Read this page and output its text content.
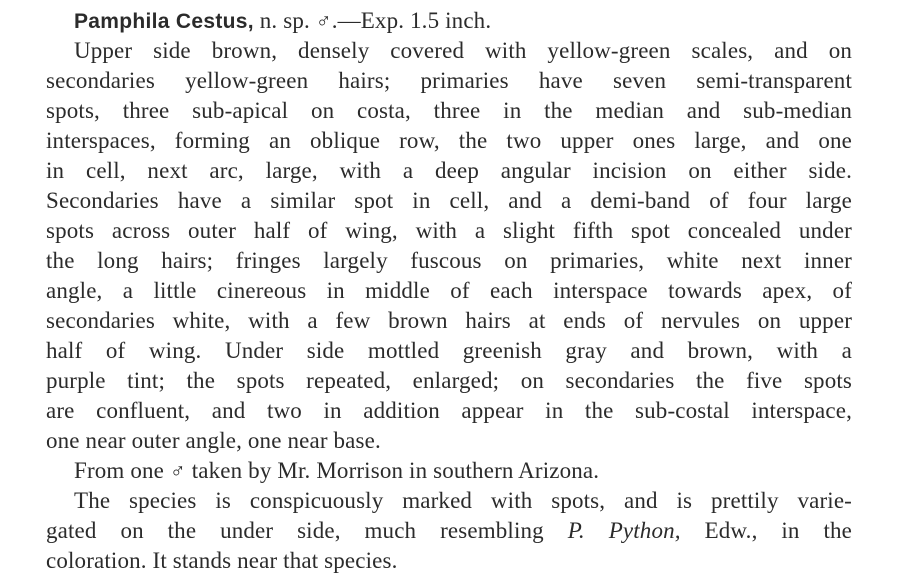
Pamphila Cestus, n. sp. ♂.—Exp. 1.5 inch.
Upper side brown, densely covered with yellow-green scales, and on
secondaries yellow-green hairs; primaries have seven semi-transparent
spots, three sub-apical on costa, three in the median and sub-median
interspaces, forming an oblique row, the two upper ones large, and one
in cell, next arc, large, with a deep angular incision on either side.
Secondaries have a similar spot in cell, and a demi-band of four large
spots across outer half of wing, with a slight fifth spot concealed under
the long hairs; fringes largely fuscous on primaries, white next inner
angle, a little cinereous in middle of each interspace towards apex, of
secondaries white, with a few brown hairs at ends of nervules on upper
half of wing. Under side mottled greenish gray and brown, with a
purple tint; the spots repeated, enlarged; on secondaries the five spots
are confluent, and two in addition appear in the sub-costal interspace,
one near outer angle, one near base.
From one ♂ taken by Mr. Morrison in southern Arizona.
The species is conspicuously marked with spots, and is prettily varie-
gated on the under side, much resembling P. Python, Edw., in the
coloration. It stands near that species.
